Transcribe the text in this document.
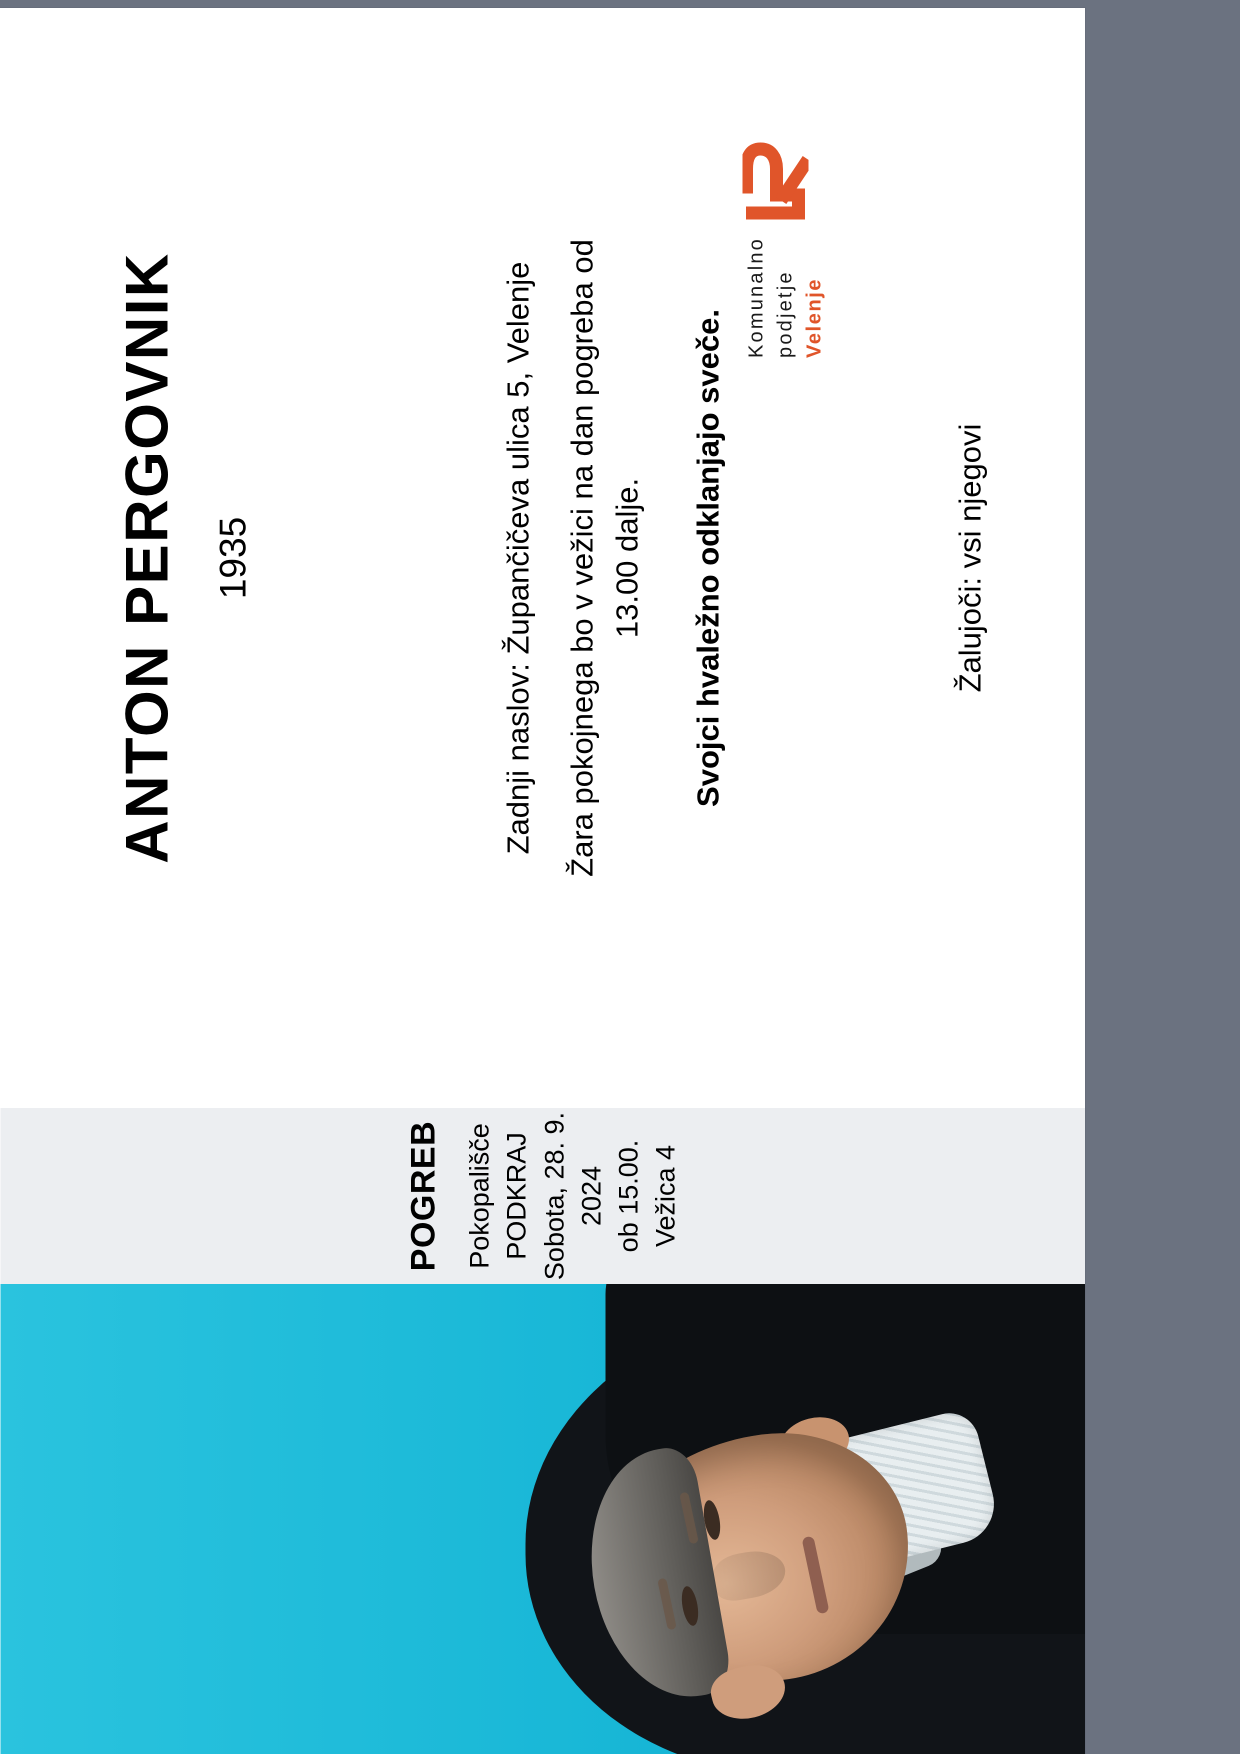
POGREB Pokopališče PODKRAJ Sobota, 28. 9. 2024 ob 15.00. Vežica 4
ANTON PERGOVNIK 1935	Zadnji naslov: Župančičeva ulica 5, Velenje Žara pokojnega bo v vežici na dan pogreba od 13.00 dalje. Svojci hvaležno odklanjajo sveče.	Žalujoči: vsi njegovi
Komunalno podjetje Velenje
